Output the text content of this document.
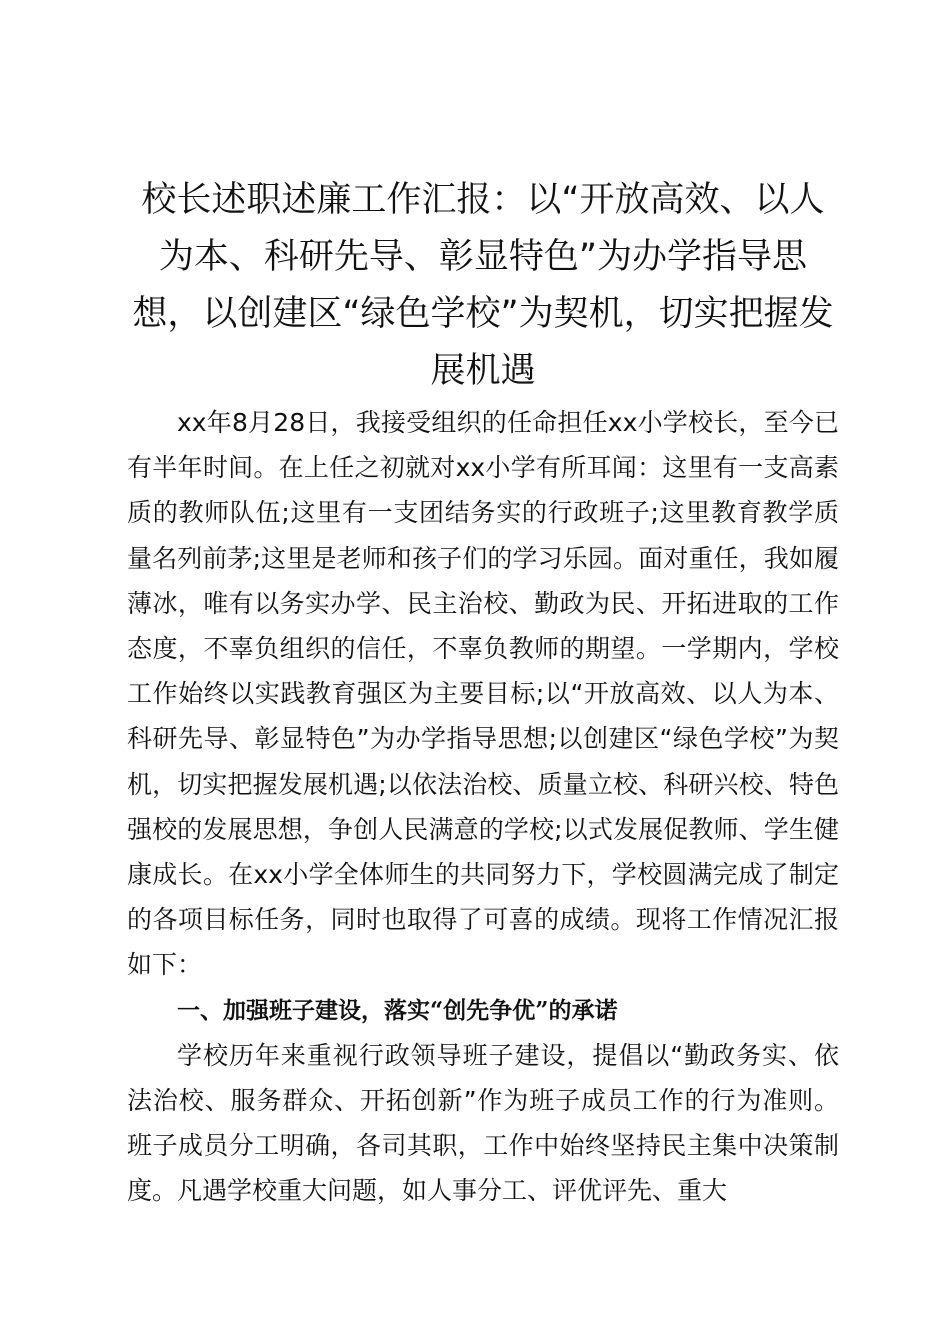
校长述职述廉工作汇报：以“开放高效、以人为本、科研先导、彰显特色”为办学指导思想，以创建区“绿色学校”为契机，切实把握发展机遇

xx年8月28日，我接受组织的任命担任xx小学校长，至今已有半年时间。在上任之初就对xx小学有所耳闻：这里有一支高素质的教师队伍;这里有一支团结务实的行政班子;这里教育教学质量名列前茅;这里是老师和孩子们的学习乐园。面对重任，我如履薄冰，唯有以务实办学、民主治校、勤政为民、开拓进取的工作态度，不辜负组织的信任，不辜负教师的期望。一学期内，学校工作始终以实践教育强区为主要目标;以“开放高效、以人为本、科研先导、彰显特色”为办学指导思想;以创建区“绿色学校”为契机，切实把握发展机遇;以依法治校、质量立校、科研兴校、特色强校的发展思想，争创人民满意的学校;以式发展促教师、学生健康成长。在xx小学全体师生的共同努力下，学校圆满完成了制定的各项目标任务，同时也取得了可喜的成绩。现将工作情况汇报如下：

一、加强班子建设，落实“创先争优”的承诺

学校历年来重视行政领导班子建设，提倡以“勤政务实、依法治校、服务群众、开拓创新”作为班子成员工作的行为准则。班子成员分工明确，各司其职，工作中始终坚持民主集中决策制度。凡遇学校重大问题，如人事分工、评优评先、重大
